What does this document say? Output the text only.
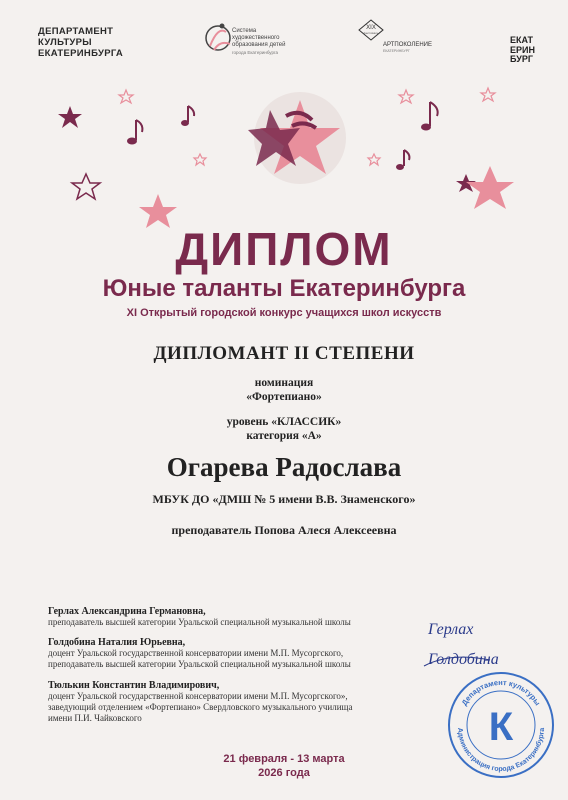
ДЕПАРТАМЕНТ
КУЛЬТУРЫ
ЕКАТЕРИНБУРГА
Система
художественного
образования детей
города Екатеринбурга
XIX
фестиваль
АРТПОКОЛЕНИЕ
ЕКАТЕРИНБУРГ
ЕКАТ
ЕРИН
БУРГ
ДИПЛОМ
Юные таланты Екатеринбурга
XI Открытый городской конкурс учащихся школ искусств
ДИПЛОМАНТ II СТЕПЕНИ
номинация
«Фортепиано»
уровень «КЛАССИК»
категория «А»
Огарева Радослава
МБУК ДО «ДМШ № 5 имени В.В. Знаменского»
преподаватель Попова Алеся Алексеевна
Герлах Александрина Германовна,
преподаватель высшей категории Уральской специальной музыкальной школы
Голдобина Наталия Юрьевна,
доцент Уральской государственной консерватории имени М.П. Мусоргского,
преподаватель высшей категории Уральской специальной музыкальной школы
Тюлькин Константин Владимирович,
доцент Уральской государственной консерватории имени М.П. Мусоргского»,
заведующий отделением «Фортепиано» Свердловского музыкального училища
имени П.И. Чайковского
Герлах
Голдобина
Департамент культуры
Администрация города Екатеринбурга
К
21 февраля - 13 марта
2026 года
